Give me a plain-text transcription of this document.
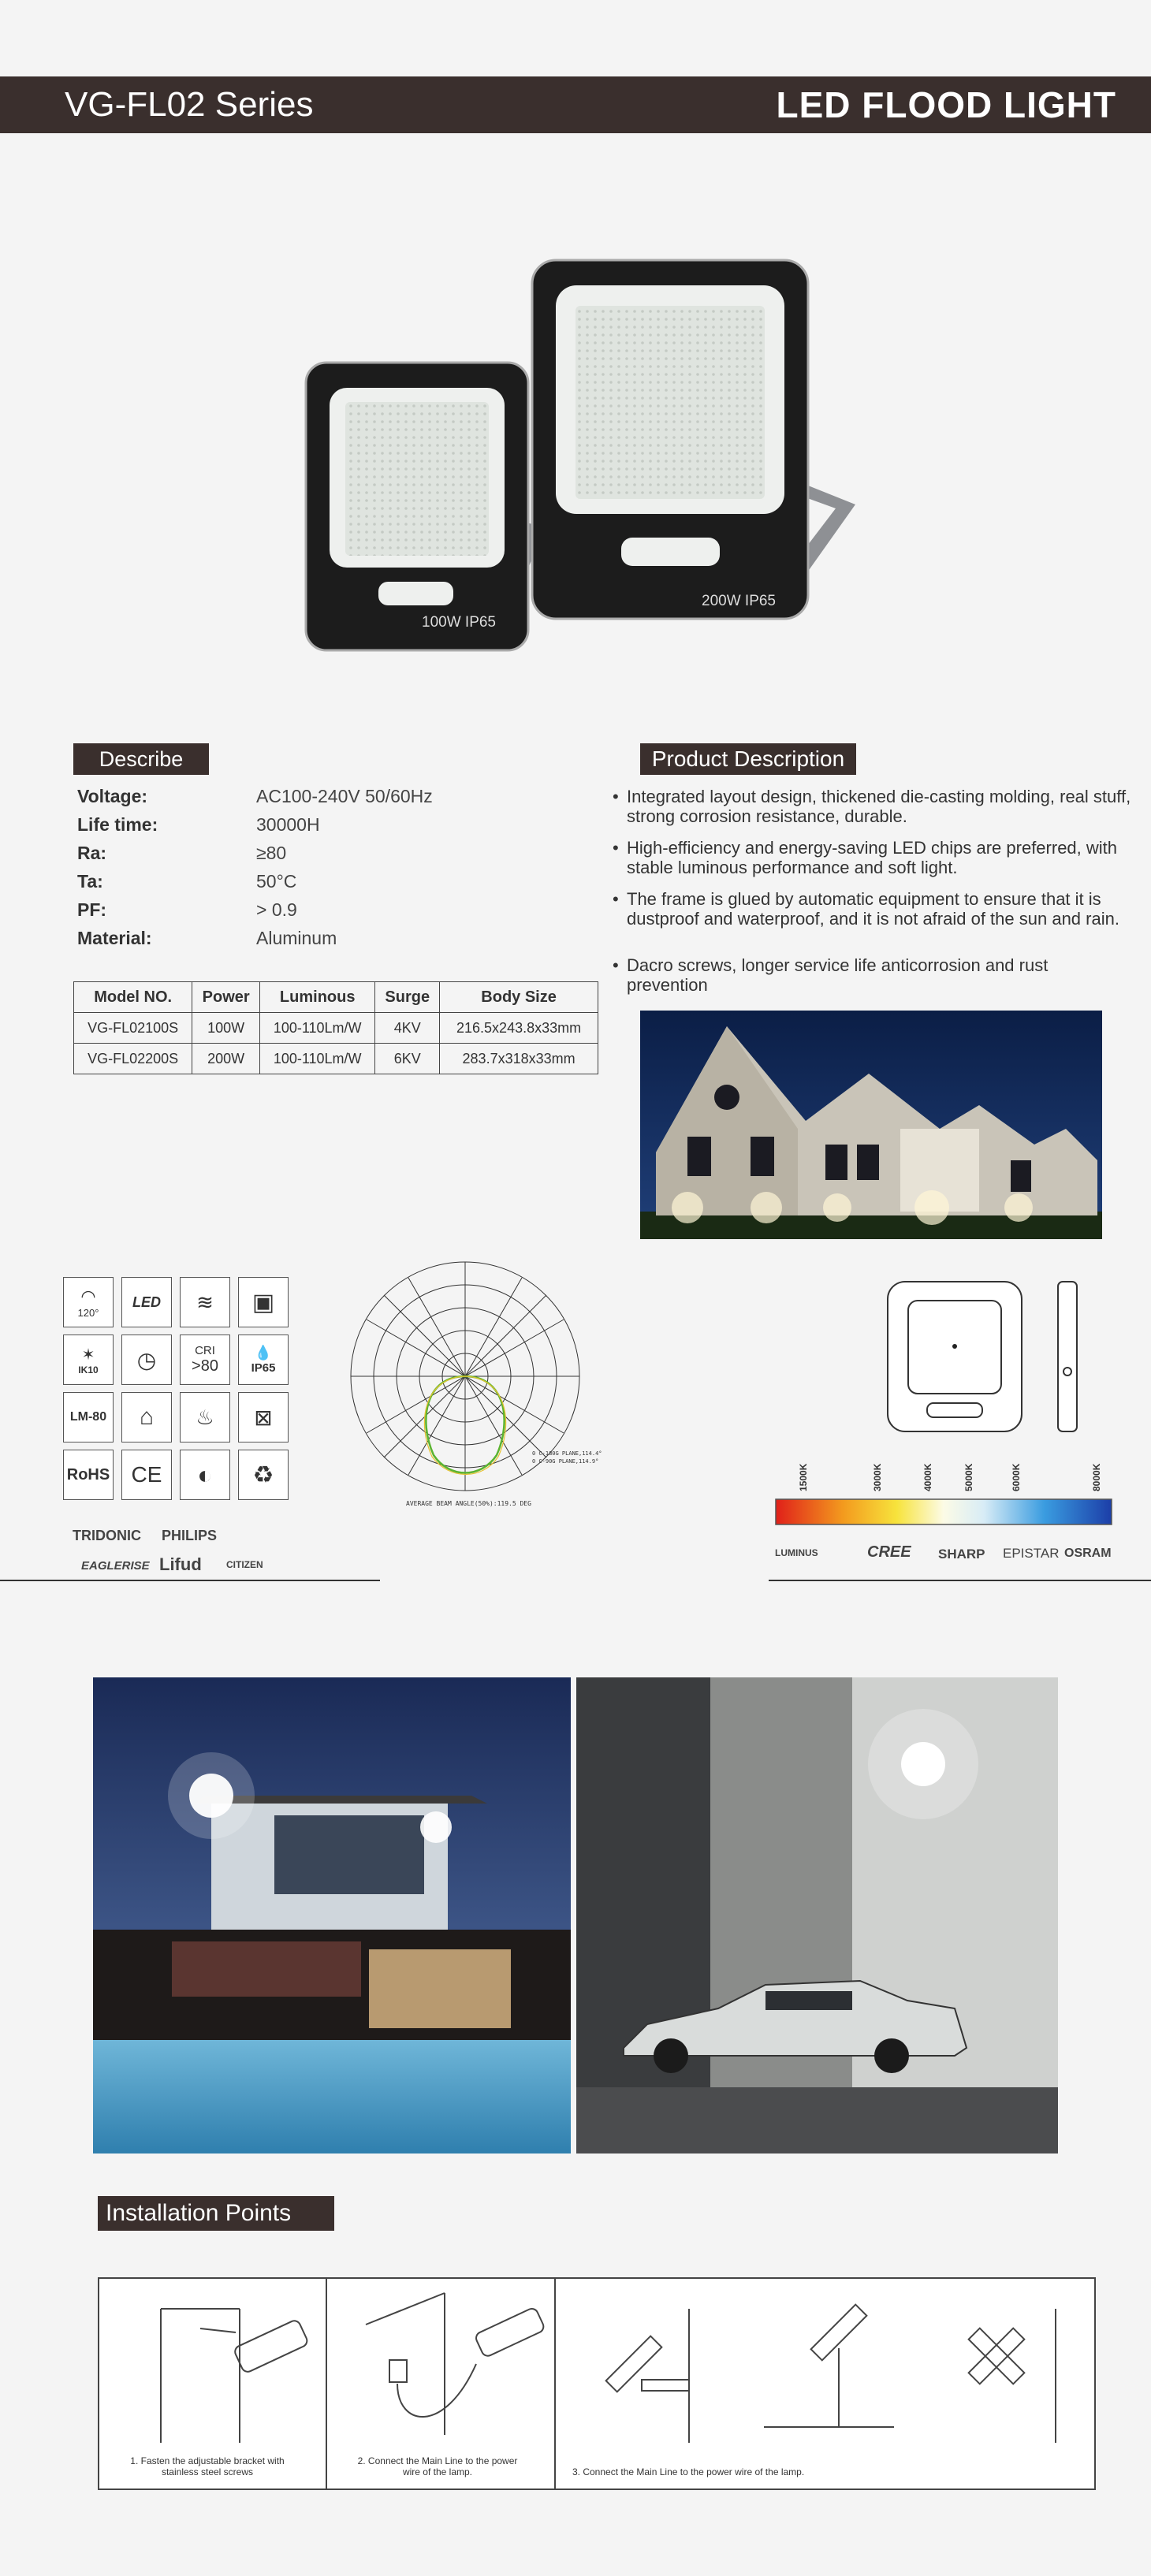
VG-FL02 Series	LED FLOOD LIGHT
100W IP65
200W IP65
Describe
Voltage:	AC100-240V 50/60Hz
Life time:	30000H
Ra:	≥80
Ta:	50°C
PF:	> 0.9
Material:	Aluminum
Model NO.	Power	Luminous	Surge	Body Size
VG-FL02100S	100W	100-110Lm/W	4KV	216.5x243.8x33mm
VG-FL02200S	200W	100-110Lm/W	6KV	283.7x318x33mm
Product Description
• Integrated layout design, thickened die-casting molding, real stuff, strong corrosion resistance, durable.
• High-efficiency and energy-saving LED chips are preferred, with stable luminous performance and soft light.
• The frame is glued by automatic equipment to ensure that it is dustproof and waterproof, and it is not afraid of the sun and rain.
• Dacro screws, longer service life anticorrosion and rust prevention
◠
120°
LED	≋	▣
✶
IK10	◷	CRI
>80
💧
IP65
LM-80	⌂	♨	⊠
RoHS CE	◐	♻
TRIDONIC PHILIPS
EAGLERISE Lifud	CITIZEN
0 C-180G PLANE,114.4°
0 C-90G PLANE,114.9°
AVERAGE BEAM ANGLE(50%):119.5 DEG
1500K	3000K	4000K	5000K	6000K	8000K
LUMINUS	CREE SHARP EPISTAR OSRAM
Installation Points
1. Fasten the adjustable bracket with stainless steel screws
2. Connect the Main Line to the power wire of the lamp.	3. Connect the Main Line to the power wire of the lamp.
